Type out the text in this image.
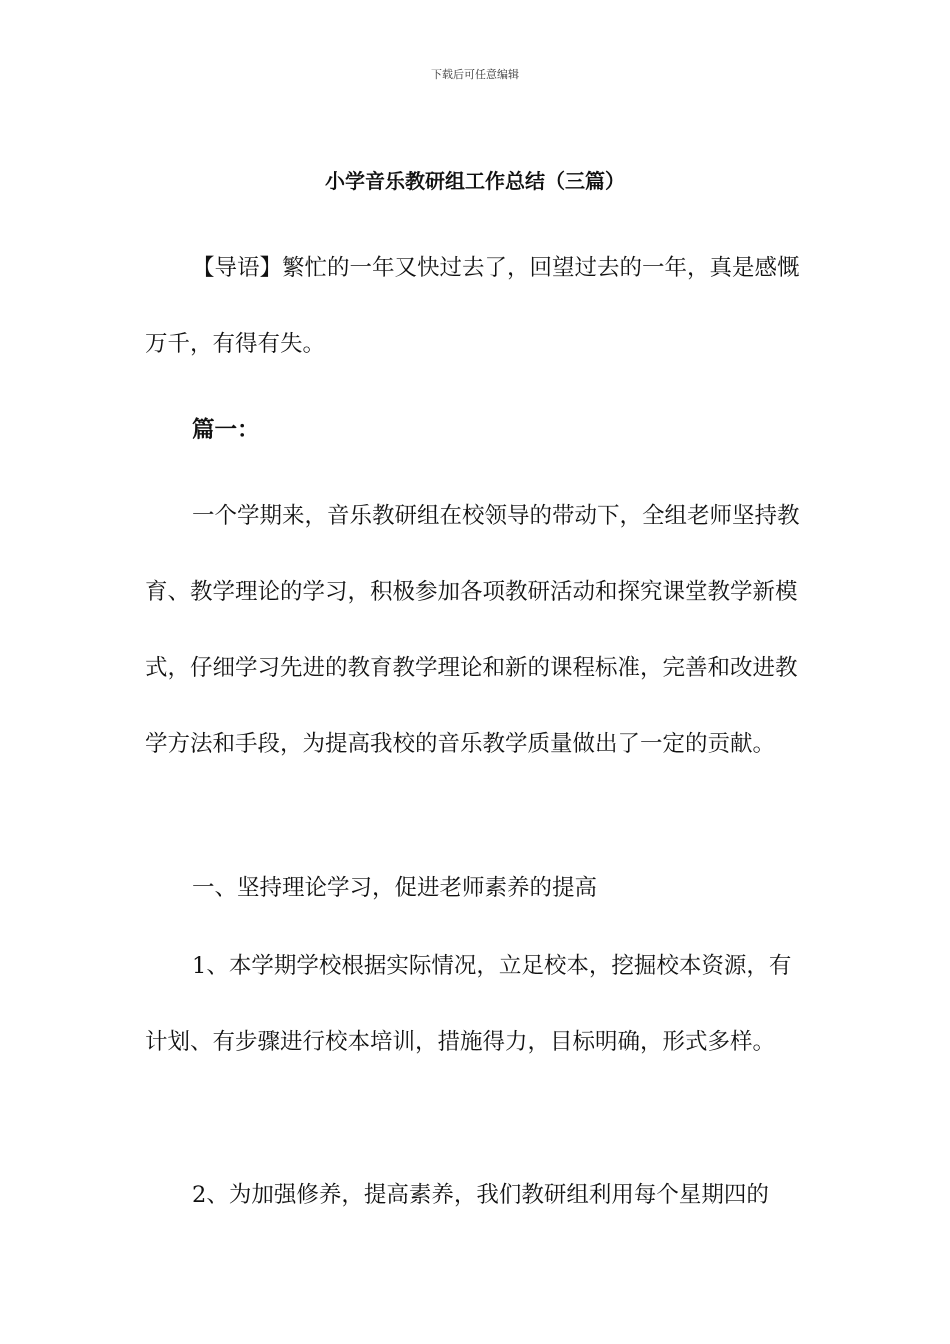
下载后可任意编辑
小学音乐教研组工作总结（三篇）

【导语】繁忙的一年又快过去了，回望过去的一年，真是感慨万千，有得有失。

篇一：

一个学期来，音乐教研组在校领导的带动下，全组老师坚持教育、教学理论的学习，积极参加各项教研活动和探究课堂教学新模式，仔细学习先进的教育教学理论和新的课程标准，完善和改进教学方法和手段，为提高我校的音乐教学质量做出了一定的贡献。

一、坚持理论学习，促进老师素养的提高

1、本学期学校根据实际情况，立足校本，挖掘校本资源，有计划、有步骤进行校本培训，措施得力，目标明确，形式多样。

2、为加强修养，提高素养，我们教研组利用每个星期四的
